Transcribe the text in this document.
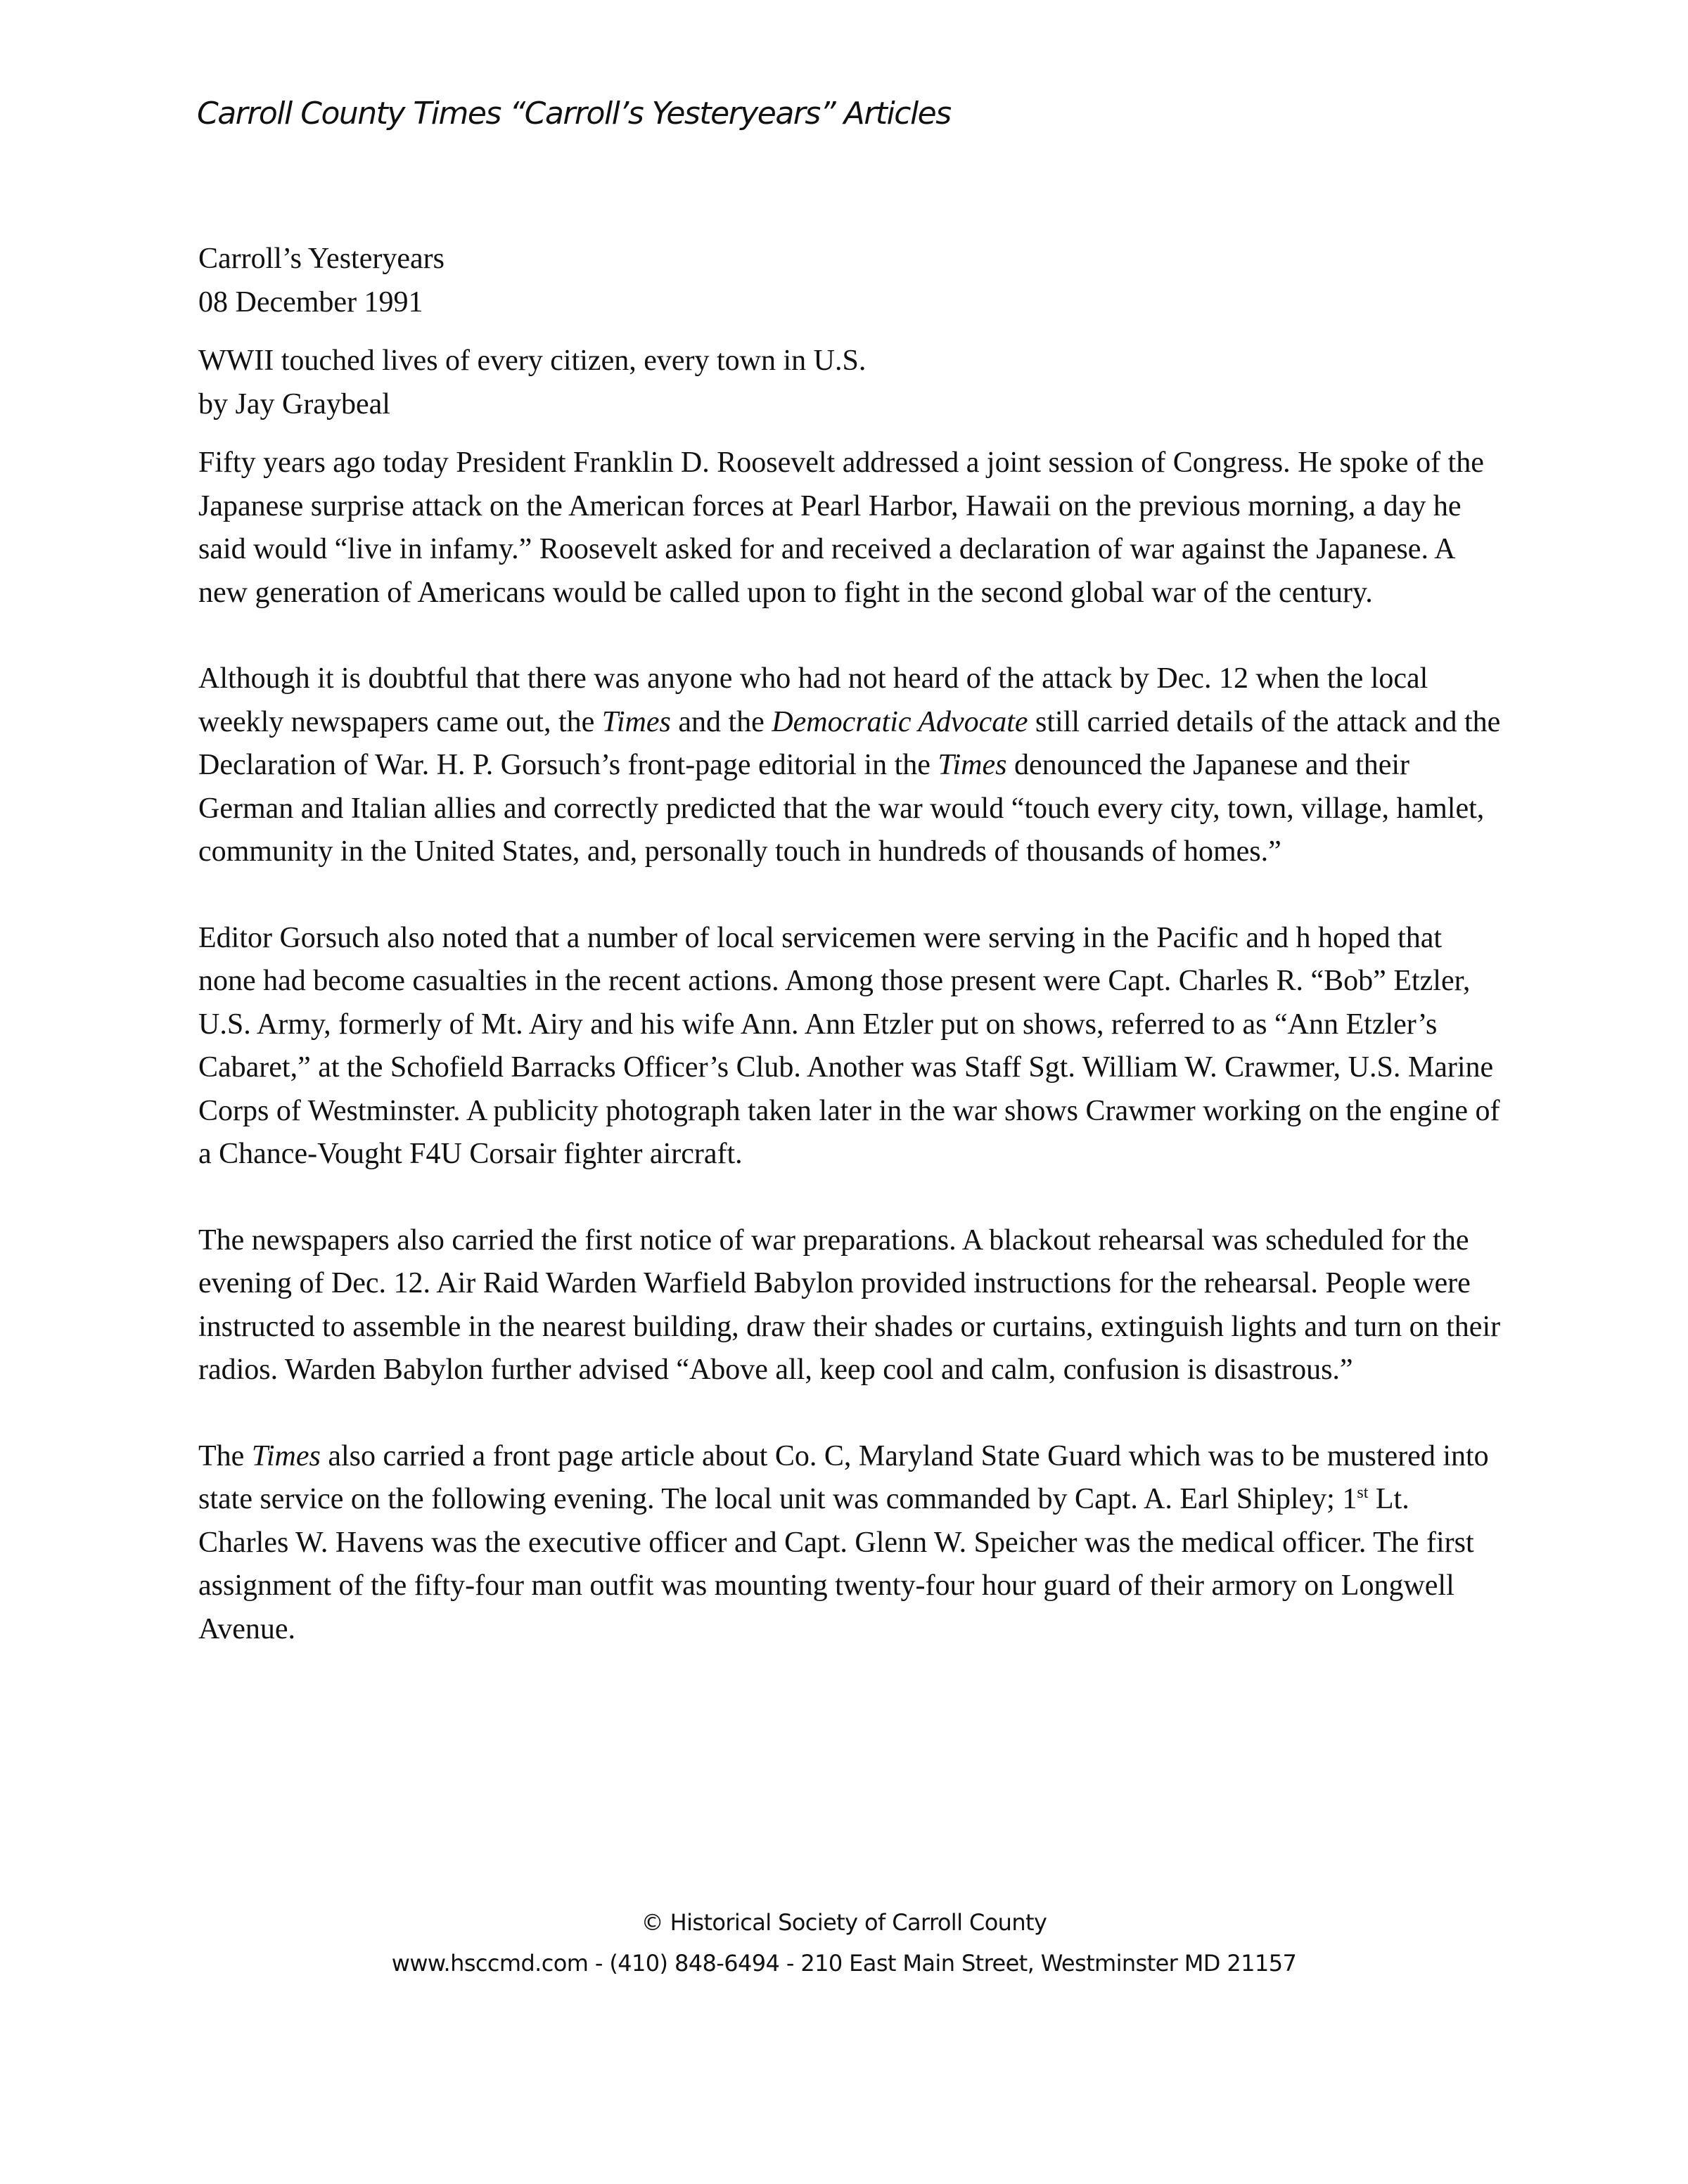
Carroll County Times “Carroll’s Yesteryears” Articles

Carroll’s Yesteryears

08 December 1991

WWII touched lives of every citizen, every town in U.S.

by Jay Graybeal

Fifty years ago today President Franklin D. Roosevelt addressed a joint session of Congress. He spoke of the Japanese surprise attack on the American forces at Pearl Harbor, Hawaii on the previous morning, a day he said would “live in infamy.” Roosevelt asked for and received a declaration of war against the Japanese. A new generation of Americans would be called upon to fight in the second global war of the century.

Although it is doubtful that there was anyone who had not heard of the attack by Dec. 12 when the local weekly newspapers came out, the Times and the Democratic Advocate still carried details of the attack and the Declaration of War. H. P. Gorsuch’s front-page editorial in the Times denounced the Japanese and their German and Italian allies and correctly predicted that the war would “touch every city, town, village, hamlet, community in the United States, and, personally touch in hundreds of thousands of homes.”

Editor Gorsuch also noted that a number of local servicemen were serving in the Pacific and h hoped that none had become casualties in the recent actions. Among those present were Capt. Charles R. “Bob” Etzler, U.S. Army, formerly of Mt. Airy and his wife Ann. Ann Etzler put on shows, referred to as “Ann Etzler’s Cabaret,” at the Schofield Barracks Officer’s Club. Another was Staff Sgt. William W. Crawmer, U.S. Marine Corps of Westminster. A publicity photograph taken later in the war shows Crawmer working on the engine of a Chance-Vought F4U Corsair fighter aircraft.

The newspapers also carried the first notice of war preparations. A blackout rehearsal was scheduled for the evening of Dec. 12. Air Raid Warden Warfield Babylon provided instructions for the rehearsal. People were instructed to assemble in the nearest building, draw their shades or curtains, extinguish lights and turn on their radios. Warden Babylon further advised “Above all, keep cool and calm, confusion is disastrous.”

The Times also carried a front page article about Co. C, Maryland State Guard which was to be mustered into state service on the following evening. The local unit was commanded by Capt. A. Earl Shipley; 1st Lt. Charles W. Havens was the executive officer and Capt. Glenn W. Speicher was the medical officer. The first assignment of the fifty-four man outfit was mounting twenty-four hour guard of their armory on Longwell Avenue.

© Historical Society of Carroll County

www.hsccmd.com - (410) 848-6494 - 210 East Main Street, Westminster MD 21157
